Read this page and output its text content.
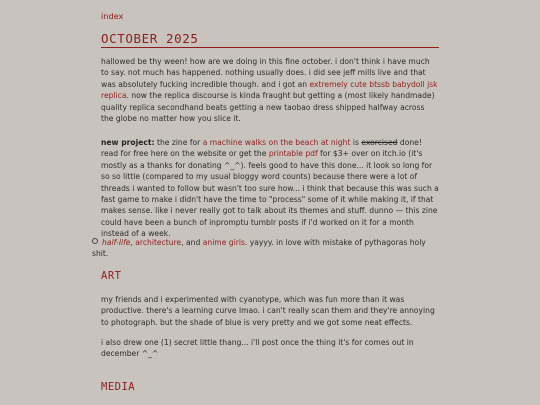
index
OCTOBER 2025

hallowed be thy ween! how are we doing in this fine october. i don't think i have much to say. not much has happened. nothing usually does. i did see jeff mills live and that was absolutely fucking incredible though. and i got an extremely cute btssb babydoll jsk replica. now the replica discourse is kinda fraught but getting a (most likely handmade) quality replica secondhand beats getting a new taobao dress shipped halfway across the globe no matter how you slice it.

new project: the zine for a machine walks on the beach at night is exorcised done! read for free here on the website or get the printable pdf for $3+ over on itch.io (it's mostly as a thanks for donating ^_^). feels good to have this done... it look so long for so so little (compared to my usual bloggy word counts) because there were a lot of threads i wanted to follow but wasn't too sure how... i think that because this was such a fast game to make i didn't have the time to "process" some of it while making it, if that makes sense. like i never really got to talk about its themes and stuff. dunno — this zine could have been a bunch of inpromptu tumblr posts if i'd worked on it for a month instead of a week.

half-life, architecture, and anime girls. yayyy. in love with mistake of pythagoras holy shit.
ART

my friends and i experimented with cyanotype, which was fun more than it was productive. there's a learning curve lmao. i can't really scan them and they're annoying to photograph. but the shade of blue is very pretty and we got some neat effects.

i also drew one (1) secret little thang... i'll post once the thing it's for comes out in december ^_^

MEDIA
